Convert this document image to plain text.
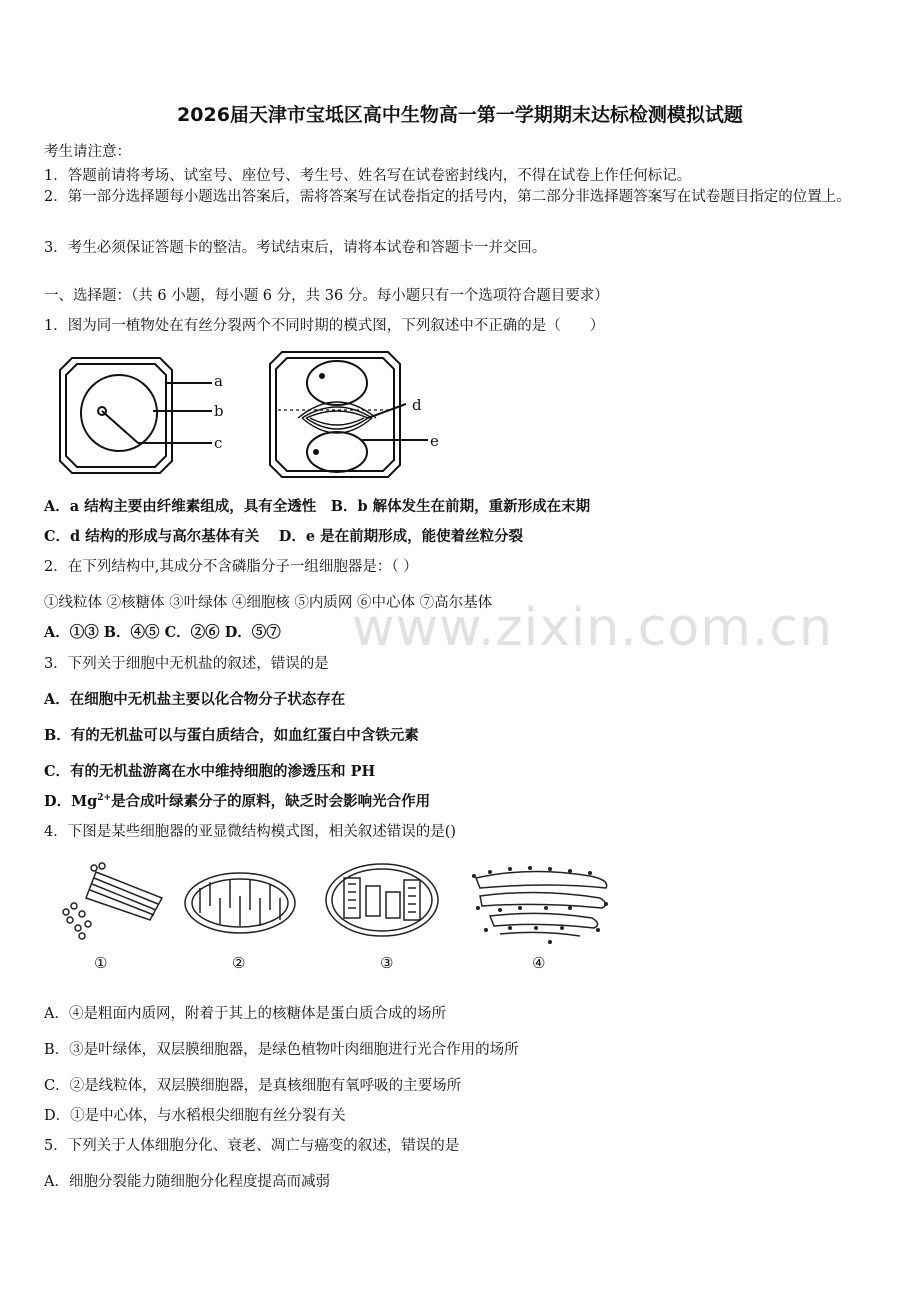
2026届天津市宝坻区高中生物高一第一学期期末达标检测模拟试题
考生请注意：
1．答题前请将考场、试室号、座位号、考生号、姓名写在试卷密封线内，不得在试卷上作任何标记。
2．第一部分选择题每小题选出答案后，需将答案写在试卷指定的括号内，第二部分非选择题答案写在试卷题目指定的位置上。
3．考生必须保证答题卡的整洁。考试结束后，请将本试卷和答题卡一并交回。
一、选择题：（共 6 小题，每小题 6 分，共 36 分。每小题只有一个选项符合题目要求）
1．图为同一植物处在有丝分裂两个不同时期的模式图，下列叙述中不正确的是（　　）
a
b
c
d
e
A．a 结构主要由纤维素组成，具有全透性　B．b 解体发生在前期，重新形成在末期
C．d 结构的形成与高尔基体有关　 D．e 是在前期形成，能使着丝粒分裂
2．在下列结构中,其成分不含磷脂分子一组细胞器是：（ ）
①线粒体 ②核糖体 ③叶绿体 ④细胞核 ⑤内质网 ⑥中心体 ⑦高尔基体
A．①③ B．④⑤ C．②⑥ D．⑤⑦ www.zixin.com.cn
3．下列关于细胞中无机盐的叙述，错误的是
A．在细胞中无机盐主要以化合物分子状态存在
B．有的无机盐可以与蛋白质结合，如血红蛋白中含铁元素
C．有的无机盐游离在水中维持细胞的渗透压和 PH
D．$Mg^{2+}$是合成叶绿素分子的原料，缺乏时会影响光合作用
4．下图是某些细胞器的亚显微结构模式图，相关叙述错误的是()
①	②	③	④
A．④是粗面内质网，附着于其上的核糖体是蛋白质合成的场所
B．③是叶绿体，双层膜细胞器，是绿色植物叶肉细胞进行光合作用的场所
C．②是线粒体，双层膜细胞器，是真核细胞有氧呼吸的主要场所
D．①是中心体，与水稻根尖细胞有丝分裂有关
5．下列关于人体细胞分化、衰老、凋亡与癌变的叙述，错误的是
A．细胞分裂能力随细胞分化程度提高而减弱
